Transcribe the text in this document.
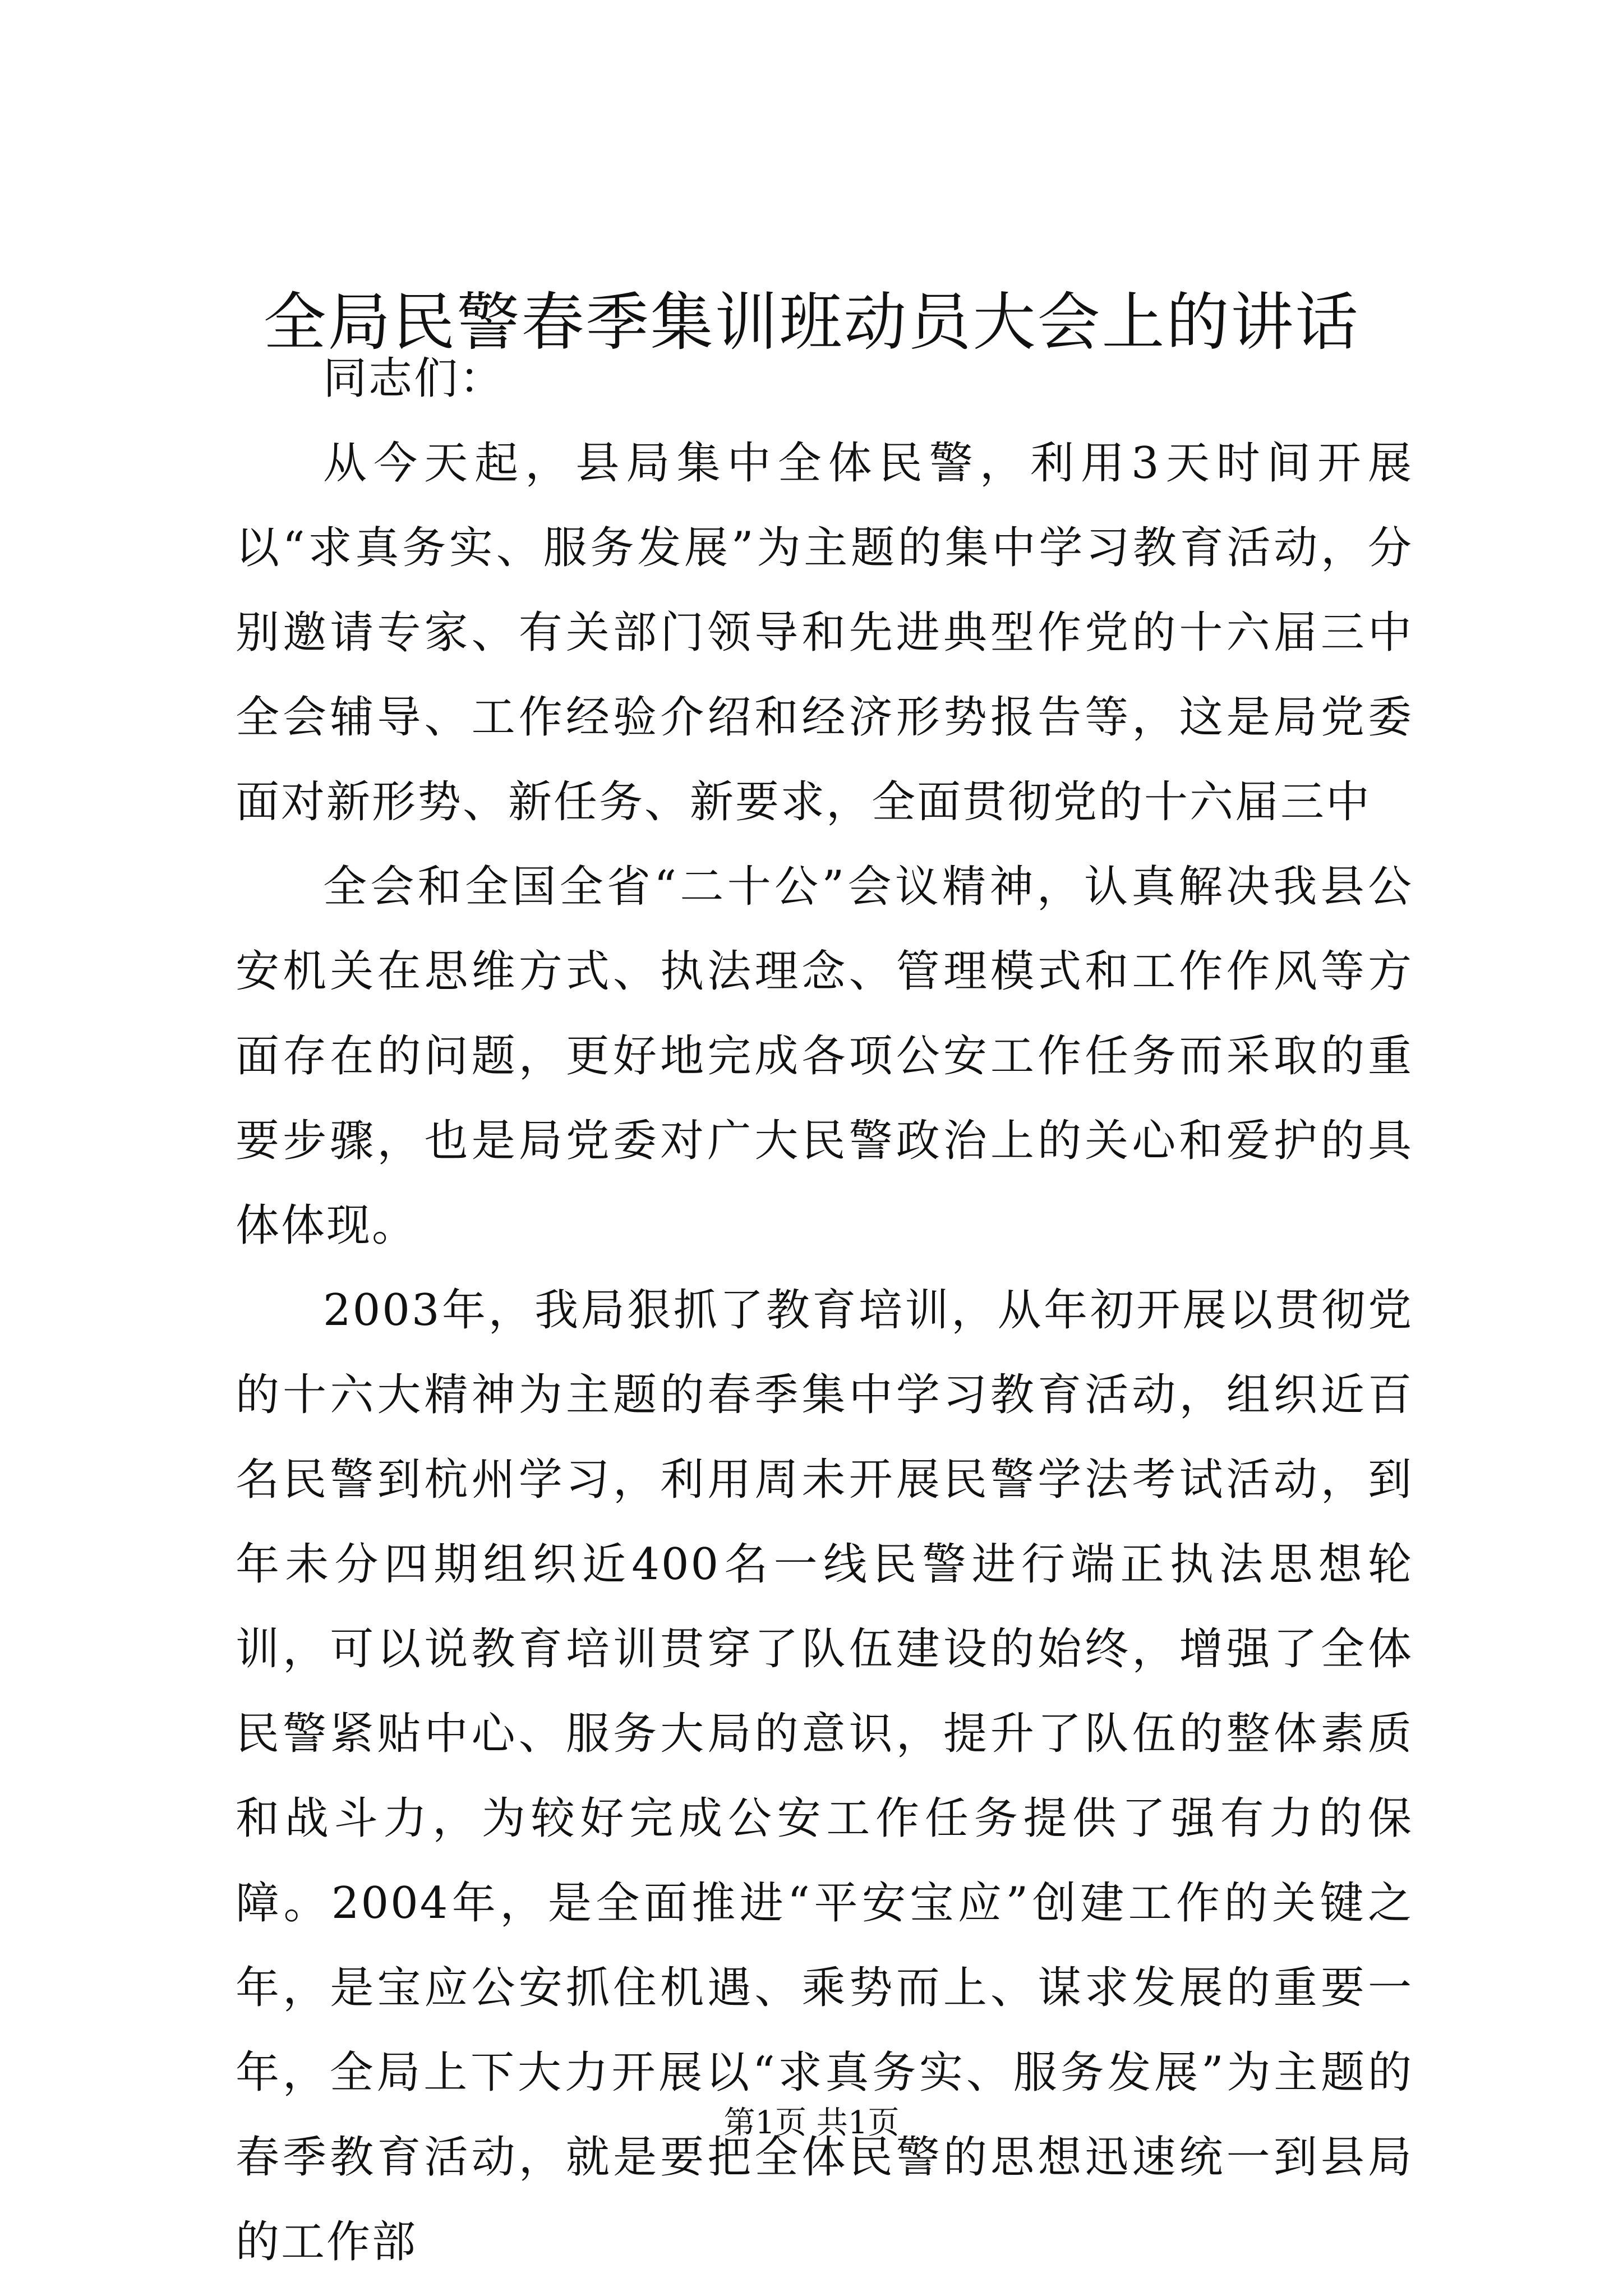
全局民警春季集训班动员大会上的讲话

同志们：

从今天起，县局集中全体民警，利用3天时间开展以“求真务实、服务发展”为主题的集中学习教育活动，分别邀请专家、有关部门领导和先进典型作党的十六届三中全会辅导、工作经验介绍和经济形势报告等，这是局党委面对新形势、新任务、新要求，全面贯彻党的十六届三中

全会和全国全省“二十公”会议精神，认真解决我县公安机关在思维方式、执法理念、管理模式和工作作风等方面存在的问题，更好地完成各项公安工作任务而采取的重要步骤，也是局党委对广大民警政治上的关心和爱护的具体体现。

2003年，我局狠抓了教育培训，从年初开展以贯彻党的十六大精神为主题的春季集中学习教育活动，组织近百名民警到杭州学习，利用周未开展民警学法考试活动，到年未分四期组织近400名一线民警进行端正执法思想轮训，可以说教育培训贯穿了队伍建设的始终，增强了全体民警紧贴中心、服务大局的意识，提升了队伍的整体素质和战斗力，为较好完成公安工作任务提供了强有力的保障。2004年，是全面推进“平安宝应”创建工作的关键之年，是宝应公安抓住机遇、乘势而上、谋求发展的重要一年，全局上下大力开展以“求真务实、服务发展”为主题的春季教育活动，就是要把全体民警的思想迅速统一到县局的工作部

第1页 共1页
